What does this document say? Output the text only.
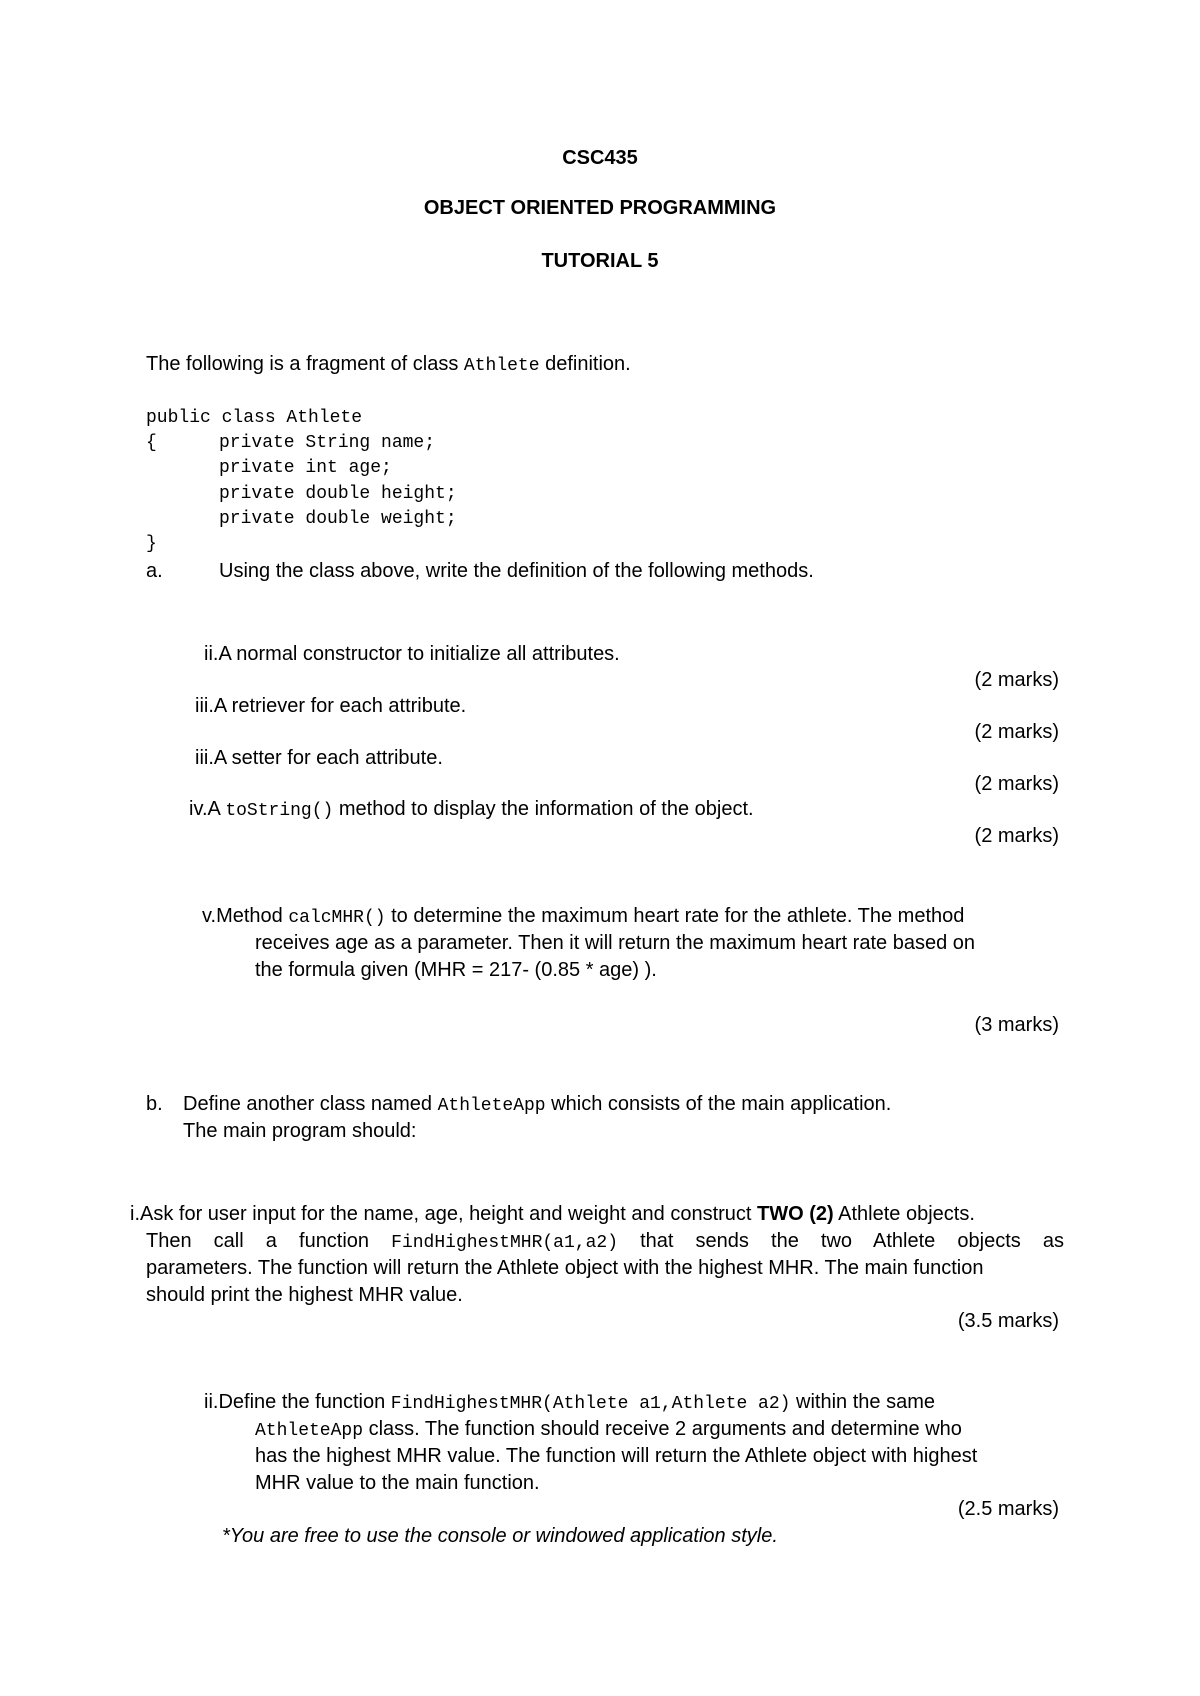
CSC435
OBJECT ORIENTED PROGRAMMING
TUTORIAL 5
The following is a fragment of class Athlete definition.
public class Athlete
{	private String name;
private int age;
private double height;
private double weight;
}
a.	Using the class above, write the definition of the following methods.
ii.A normal constructor to initialize all attributes.
(2 marks)
iii.A retriever for each attribute.
(2 marks)
iii.A setter for each attribute.
(2 marks)
iv.A toString() method to display the information of the object.
(2 marks)
v.Method calcMHR() to determine the maximum heart rate for the athlete. The method
receives age as a parameter. Then it will return the maximum heart rate based on
the formula given (MHR = 217- (0.85 * age) ).
(3 marks)
b. Define another class named AthleteApp which consists of the main application.
The main program should:
i.Ask for user input for the name, age, height and weight and construct TWO (2) Athlete objects.
Then call a function FindHighestMHR(a1,a2) that sends the two Athlete objects as
parameters. The function will return the Athlete object with the highest MHR. The main function
should print the highest MHR value.
(3.5 marks)
ii.Define the function FindHighestMHR(Athlete a1,Athlete a2) within the same
AthleteApp class. The function should receive 2 arguments and determine who
has the highest MHR value. The function will return the Athlete object with highest
MHR value to the main function.
(2.5 marks)
*You are free to use the console or windowed application style.
